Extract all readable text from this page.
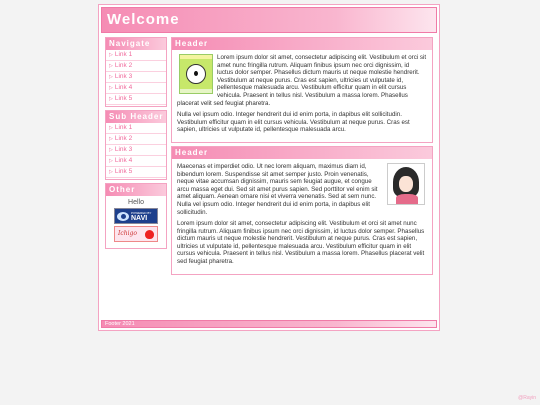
Welcome
Navigate
▷ Link 1
▷ Link 2
▷ Link 3
▷ Link 4
▷ Link 5
Sub Header
▷ Link 1
▷ Link 2
▷ Link 3
▷ Link 4
▷ Link 5
Other
Hello
POWERED BY
NAVI
Ichigo
Header

Lorem ipsum dolor sit amet, consectetur adipiscing elit. Vestibulum et orci sit amet nunc fringilla rutrum. Aliquam finibus ipsum nec orci dignissim, id luctus dolor semper. Phasellus dictum mauris ut neque molestie hendrerit. Vestibulum at neque purus. Cras est sapien, ultricies ut vulputate id, pellentesque malesuada arcu. Vestibulum efficitur quam in elit cursus vehicula. Praesent in tellus nisl. Vestibulum a massa lorem. Phasellus placerat velit sed feugiat pharetra.

Nulla vel ipsum odio. Integer hendrerit dui id enim porta, in dapibus elit sollicitudin. Vestibulum efficitur quam in elit cursus vehicula. Vestibulum at neque purus. Cras est sapien, ultricies ut vulputate id, pellentesque malesuada arcu.

Header

Maecenas et imperdiet odio. Ut nec lorem aliquam, maximus diam id, bibendum lorem. Suspendisse sit amet semper justo. Proin venenatis, neque vitae accumsan dignissim, mauris sem feugiat augue, et congue arcu massa eget dui. Sed sit amet purus sapien. Sed porttitor vel enim sit amet aliquam. Aenean ornare nisi et viverra venenatis. Sed at sem nunc. Nulla vel ipsum odio. Integer hendrerit dui id enim porta, in dapibus elit sollicitudin.

Lorem ipsum dolor sit amet, consectetur adipiscing elit. Vestibulum et orci sit amet nunc fringilla rutrum. Aliquam finibus ipsum nec orci dignissim, id luctus dolor semper. Phasellus dictum mauris ut neque molestie hendrerit. Vestibulum at neque purus. Cras est sapien, ultricies ut vulputate id, pellentesque malesuada arcu. Vestibulum efficitur quam in elit cursus vehicula. Praesent in tellus nisl. Vestibulum a massa lorem. Phasellus placerat velit sed feugiat pharetra.

Footer 2021
@Rayin
